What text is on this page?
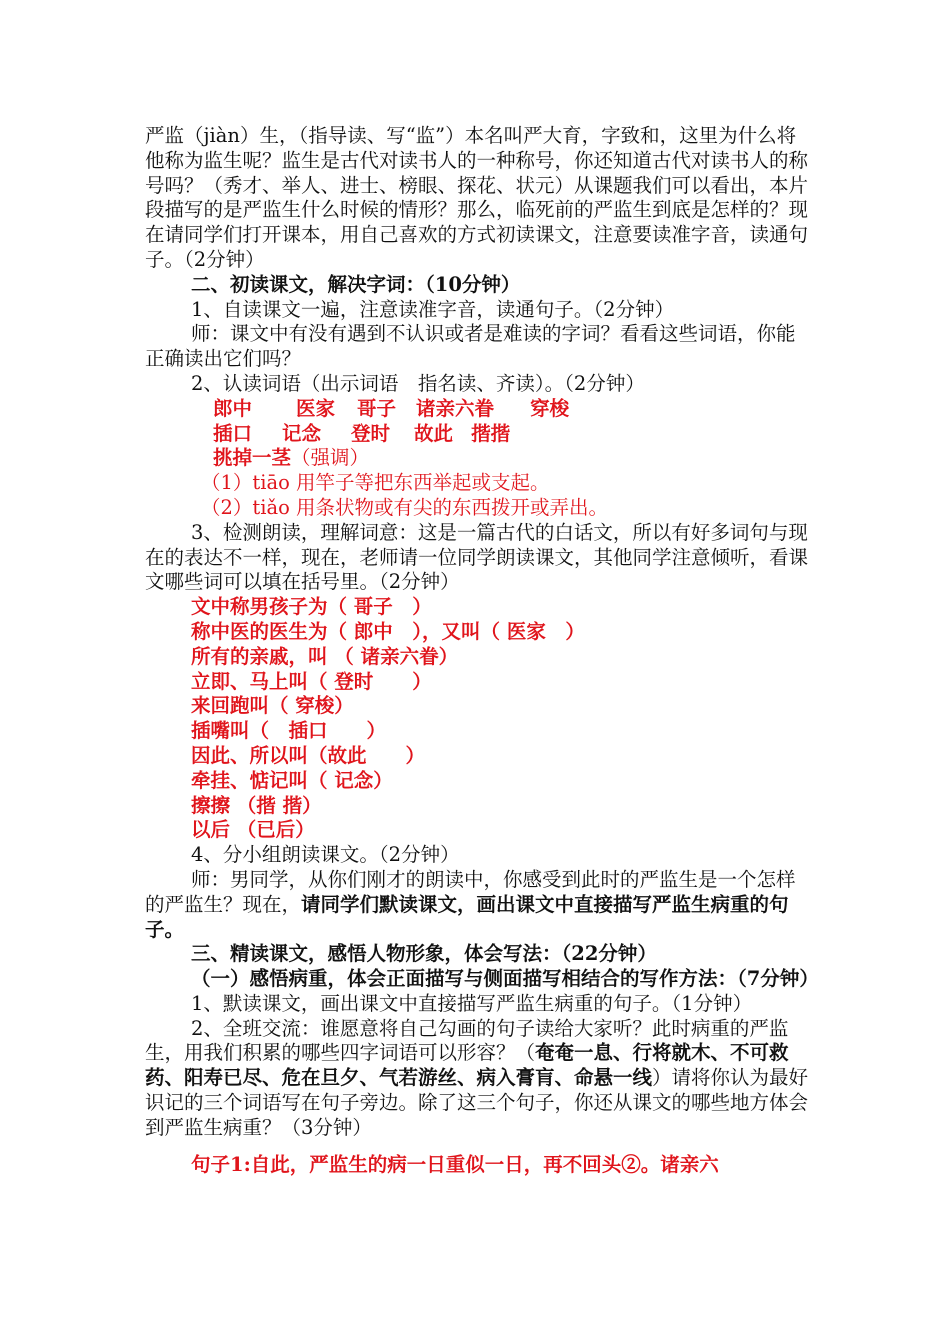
严监（jiàn）生，（指导读、写“监”）本名叫严大育，字致和，这里为什么将他称为监生呢？监生是古代对读书人的一种称号，你还知道古代对读书人的称号吗？（秀才、举人、进士、榜眼、探花、状元）从课题我们可以看出，本片段描写的是严监生什么时候的情形？那么，临死前的严监生到底是怎样的？现在请同学们打开课本，用自己喜欢的方式初读课文，注意要读准字音，读通句子。（2分钟）

二、初读课文，解决字词：（10分钟）

1、自读课文一遍，注意读准字音，读通句子。（2分钟）

师：课文中有没有遇到不认识或者是难读的字词？看看这些词语，你能正确读出它们吗？

2、认读词语（出示词语　指名读、齐读）。（2分钟）

郎中 医家 哥子 诸亲六眷 穿梭

插口 记念 登时 故此 揩揩

挑掉一茎（强调）

（1）tiāo 用竿子等把东西举起或支起。

（2）tiǎo 用条状物或有尖的东西拨开或弄出。

3、检测朗读，理解词意：这是一篇古代的白话文，所以有好多词句与现在的表达不一样，现在，老师请一位同学朗读课文，其他同学注意倾听，看课文哪些词可以填在括号里。（2分钟）

文中称男孩子为（ 哥子　）

称中医的医生为（ 郎中　），又叫（ 医家　）

所有的亲戚，叫 （ 诸亲六眷）

立即、马上叫（ 登时　　）

来回跑叫（ 穿梭）

插嘴叫（　插口　　）

因此、所以叫（故此　　）

牵挂、惦记叫（ 记念）

擦擦 （揩 揩）

以后 （已后）

4、分小组朗读课文。（2分钟）

师：男同学，从你们刚才的朗读中，你感受到此时的严监生是一个怎样的严监生？现在，请同学们默读课文，画出课文中直接描写严监生病重的句子。

三、精读课文，感悟人物形象，体会写法：（22分钟）

（一）感悟病重，体会正面描写与侧面描写相结合的写作方法：（7分钟）

1、默读课文，画出课文中直接描写严监生病重的句子。（1分钟）

2、全班交流：谁愿意将自己勾画的句子读给大家听？此时病重的严监生，用我们积累的哪些四字词语可以形容？（奄奄一息、行将就木、不可救药、阳寿已尽、危在旦夕、气若游丝、病入膏肓、命悬一线）请将你认为最好识记的三个词语写在句子旁边。除了这三个句子，你还从课文的哪些地方体会到严监生病重？（3分钟）

句子1:自此，严监生的病一日重似一日，再不回头②。诸亲六
